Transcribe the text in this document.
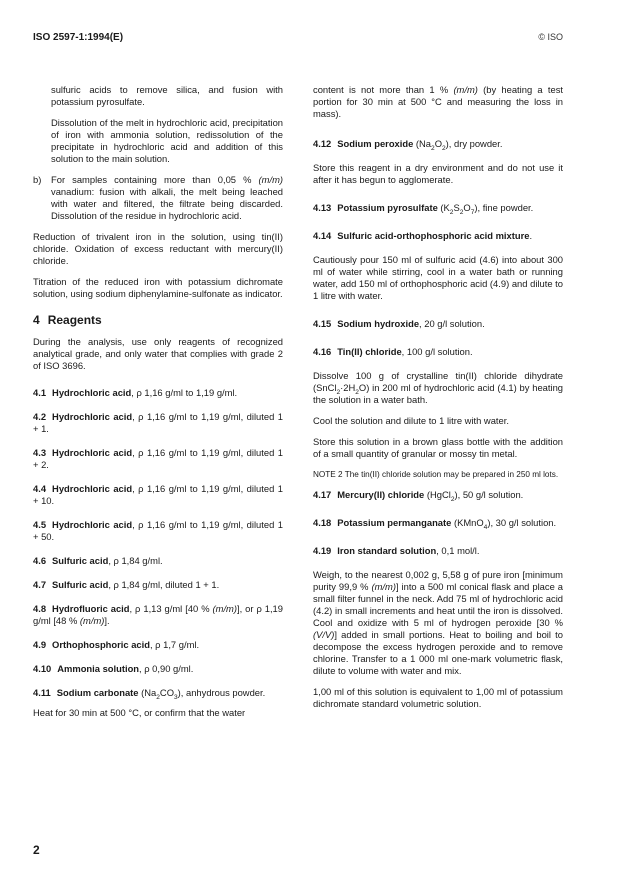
ISO 2597-1:1994(E)	© ISO

sulfuric acids to remove silica, and fusion with potassium pyrosulfate.

Dissolution of the melt in hydrochloric acid, precipitation of iron with ammonia solution, redissolution of the precipitate in hydrochloric acid and addition of this solution to the main solution.

b)	For samples containing more than 0,05 % (m/m) vanadium: fusion with alkali, the melt being leached with water and filtered, the filtrate being discarded. Dissolution of the residue in hydrochloric acid.

Reduction of trivalent iron in the solution, using tin(II) chloride. Oxidation of excess reductant with mercury(II) chloride.

Titration of the reduced iron with potassium dichromate solution, using sodium diphenylamine-sulfonate as indicator.

4 Reagents

During the analysis, use only reagents of recognized analytical grade, and only water that complies with grade 2 of ISO 3696.

4.1 Hydrochloric acid, ρ 1,16 g/ml to 1,19 g/ml.
4.2 Hydrochloric acid, ρ 1,16 g/ml to 1,19 g/ml, diluted 1 + 1.
4.3 Hydrochloric acid, ρ 1,16 g/ml to 1,19 g/ml, diluted 1 + 2.
4.4 Hydrochloric acid, ρ 1,16 g/ml to 1,19 g/ml, diluted 1 + 10.
4.5 Hydrochloric acid, ρ 1,16 g/ml to 1,19 g/ml, diluted 1 + 50.
4.6 Sulfuric acid, ρ 1,84 g/ml.
4.7 Sulfuric acid, ρ 1,84 g/ml, diluted 1 + 1.
4.8 Hydrofluoric acid, ρ 1,13 g/ml [40 % (m/m)], or ρ 1,19 g/ml [48 % (m/m)].
4.9 Orthophosphoric acid, ρ 1,7 g/ml.
4.10 Ammonia solution, ρ 0,90 g/ml.
4.11 Sodium carbonate $(Na_2CO_3)$, anhydrous powder.

Heat for 30 min at 500 °C, or confirm that the water

content is not more than 1 % (m/m) (by heating a test portion for 30 min at 500 °C and measuring the loss in mass).

4.12 Sodium peroxide $(Na_2O_2)$, dry powder.

Store this reagent in a dry environment and do not use it after it has begun to agglomerate.

4.13 Potassium pyrosulfate $(K_2S_2O_7)$, fine powder.
4.14 Sulfuric acid-orthophosphoric acid mixture.

Cautiously pour 150 ml of sulfuric acid (4.6) into about 300 ml of water while stirring, cool in a water bath or running water, add 150 ml of orthophosphoric acid (4.9) and dilute to 1 litre with water.

4.15 Sodium hydroxide, 20 g/l solution.
4.16 Tin(II) chloride, 100 g/l solution.

Dissolve 100 g of crystalline tin(II) chloride dihydrate $(SnCl_2\cdot 2H_2O)$ in 200 ml of hydrochloric acid (4.1) by heating the solution in a water bath.

Cool the solution and dilute to 1 litre with water.

Store this solution in a brown glass bottle with the addition of a small quantity of granular or mossy tin metal.

NOTE 2 The tin(II) chloride solution may be prepared in 250 ml lots.

4.17 Mercury(II) chloride (HgCl$_2$), 50 g/l solution.
4.18 Potassium permanganate (KMnO$_4$), 30 g/l solution.
4.19 Iron standard solution, 0,1 mol/l.

Weigh, to the nearest 0,002 g, 5,58 g of pure iron [minimum purity 99,9 % (m/m)] into a 500 ml conical flask and place a small filter funnel in the neck. Add 75 ml of hydrochloric acid (4.2) in small increments and heat until the iron is dissolved. Cool and oxidize with 5 ml of hydrogen peroxide [30 % (V/V)] added in small portions. Heat to boiling and boil to decompose the excess hydrogen peroxide and to remove chlorine. Transfer to a 1 000 ml one-mark volumetric flask, dilute to volume with water and mix.

1,00 ml of this solution is equivalent to 1,00 ml of potassium dichromate standard volumetric solution.

2
